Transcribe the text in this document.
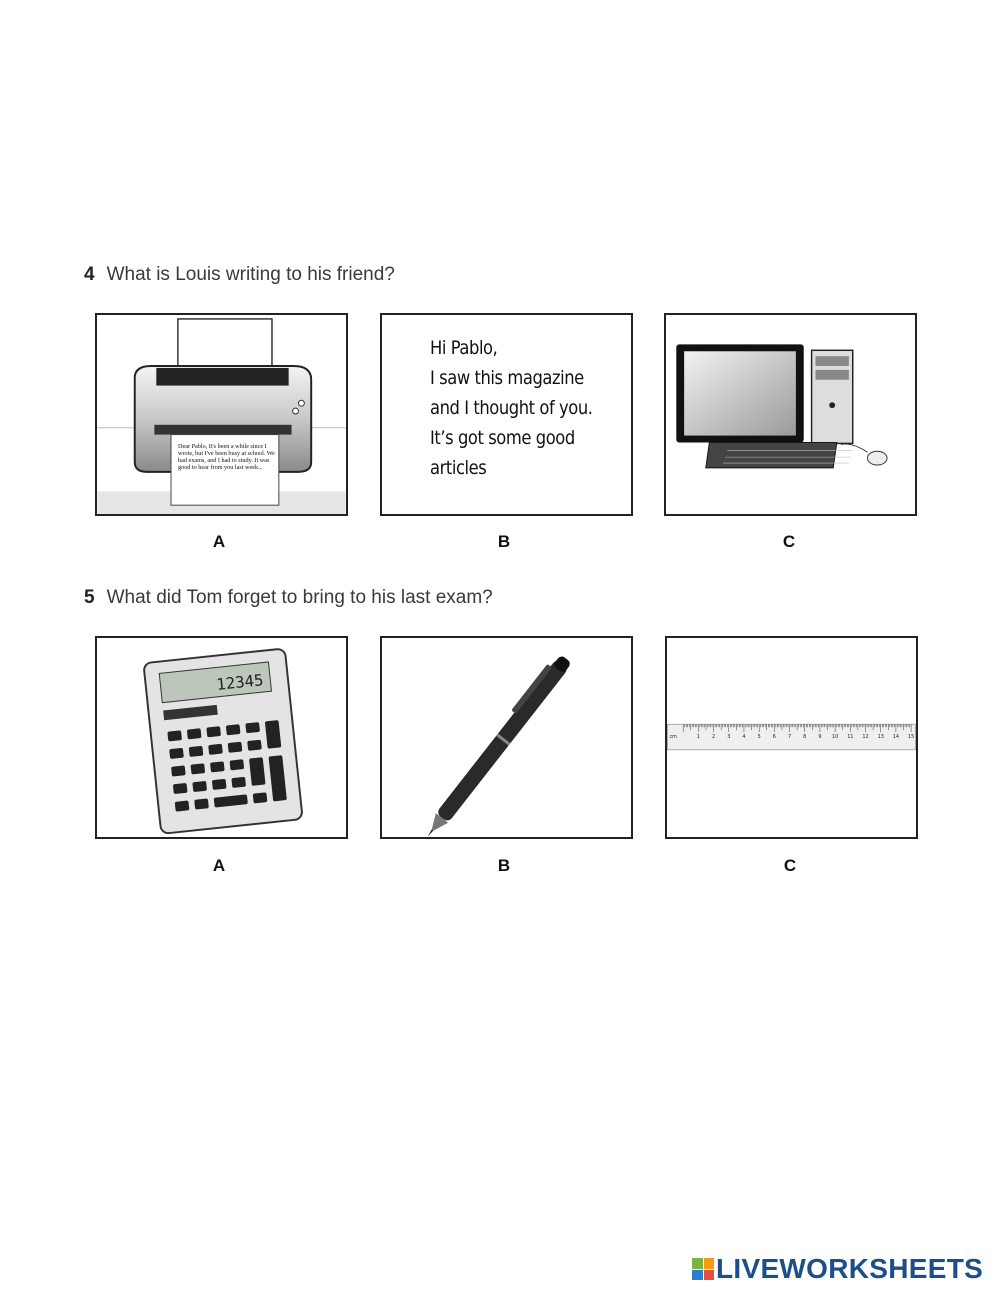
4 What is Louis writing to his friend?
Dear Pablo, It's been a while since I wrote, but I've been busy at school. We had exams, and I had to study. It was good to hear from you last week...
A
Hi Pablo,
I saw this magazine
and I thought of you.
It’s got some good
articles
B	C
5 What did Tom forget to bring to his last exam?
12345
A	B
cm	1 2 3 4 5 6 7 8 9 10 11 12 13 14 15
C
LIVEWORKSHEETS
